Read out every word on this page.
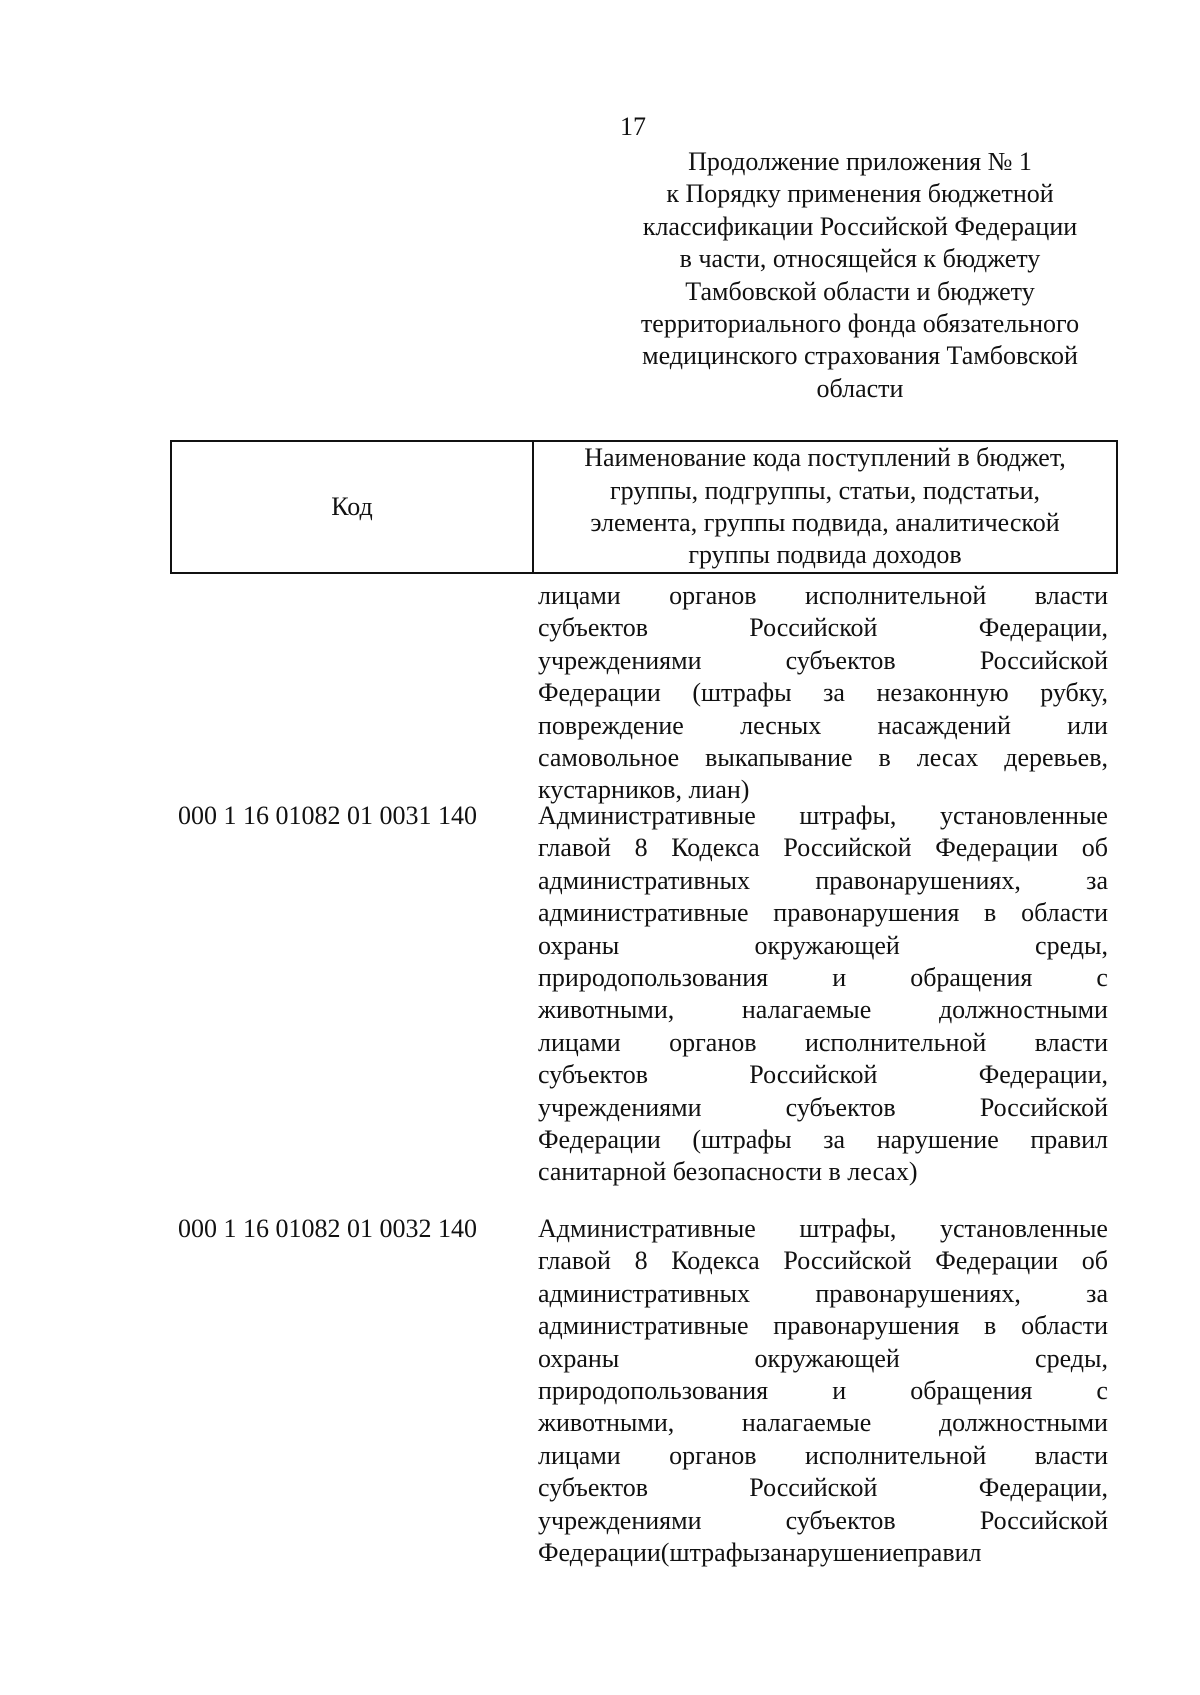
17
Продолжение приложения № 1
к Порядку применения бюджетной
классификации Российской Федерации
в части, относящейся к бюджету
Тамбовской области и бюджету
территориального фонда обязательного
медицинского страхования Тамбовской
области
Код	
Наименование кода поступлений в бюджет,
группы, подгруппы, статьи, подстатьи,
элемента, группы подвида, аналитической
группы подвида доходов
лицами органов исполнительной власти
субъектов	Российской	Федерации,
учреждениями	субъектов	Российской
Федерации (штрафы за незаконную рубку,
повреждение лесных насаждений или
самовольное выкапывание в лесах деревьев,
кустарников, лиан)
000 1 16 01082 01 0031 140 Административные штрафы, установленные
главой 8 Кодекса Российской Федерации об
административных	правонарушениях,	за
административные правонарушения в области
охраны	окружающей	среды,
природопользования и обращения с
животными,	налагаемые	должностными
лицами органов исполнительной власти
субъектов	Российской	Федерации,
учреждениями	субъектов	Российской
Федерации (штрафы за нарушение правил
санитарной безопасности в лесах)
000 1 16 01082 01 0032 140 Административные штрафы, установленные
главой 8 Кодекса Российской Федерации об
административных	правонарушениях,	за
административные правонарушения в области
охраны	окружающей	среды,
природопользования и обращения с
животными,	налагаемые	должностными
лицами органов исполнительной власти
субъектов	Российской	Федерации,
учреждениями	субъектов	Российской
Федерации (штрафы за нарушение правил
